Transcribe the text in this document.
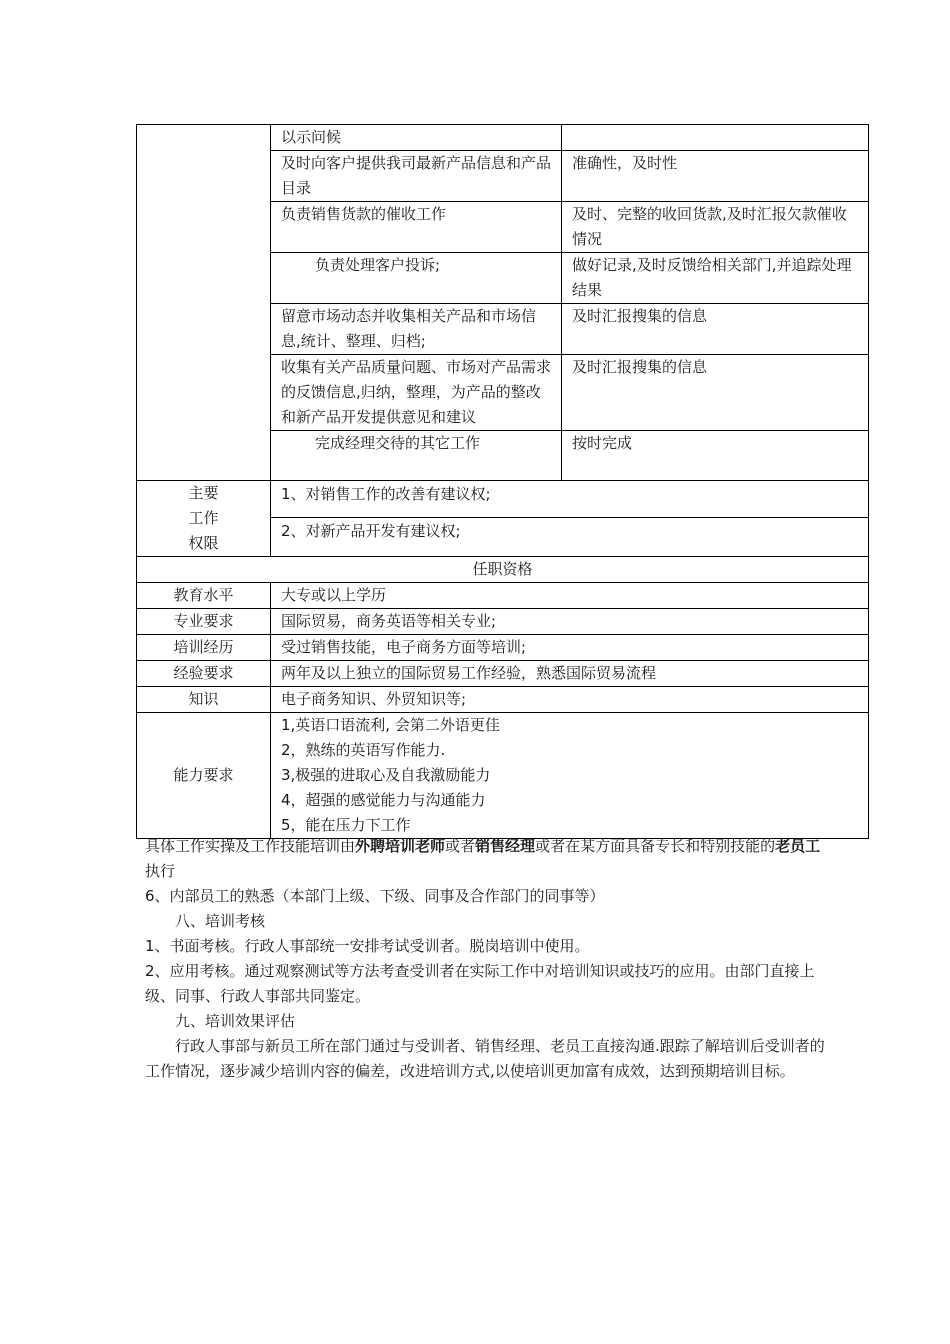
	以示问候	
	及时向客户提供我司最新产品信息和产品目录	准确性，及时性
	负责销售货款的催收工作	及时、完整的收回货款,及时汇报欠款催收情况
	负责处理客户投诉;	做好记录,及时反馈给相关部门,并追踪处理结果
	留意市场动态并收集相关产品和市场信息,统计、整理、归档;	及时汇报搜集的信息
	收集有关产品质量问题、市场对产品需求的反馈信息,归纳，整理，为产品的整改和新产品开发提供意见和建议	及时汇报搜集的信息
	完成经理交待的其它工作	按时完成
主要
工作
权限	1、对销售工作的改善有建议权;	
	2、对新产品开发有建议权;	
任职资格		
教育水平	大专或以上学历	
专业要求	国际贸易，商务英语等相关专业;	
培训经历	受过销售技能，电子商务方面等培训;	
经验要求	两年及以上独立的国际贸易工作经验，熟悉国际贸易流程	
知识	电子商务知识、外贸知识等;	
能力要求	1,英语口语流利, 会第二外语更佳
2，熟练的英语写作能力.
3,极强的进取心及自我激励能力
4，超强的感觉能力与沟通能力
5，能在压力下工作	

具体工作实操及工作技能培训由外聘培训老师或者销售经理或者在某方面具备专长和特别技能的老员工执行

6、内部员工的熟悉（本部门上级、下级、同事及合作部门的同事等）

八、培训考核

1、书面考核。行政人事部统一安排考试受训者。脱岗培训中使用。

2、应用考核。通过观察测试等方法考查受训者在实际工作中对培训知识或技巧的应用。由部门直接上级、同事、行政人事部共同鉴定。

九、培训效果评估

行政人事部与新员工所在部门通过与受训者、销售经理、老员工直接沟通.跟踪了解培训后受训者的工作情况，逐步减少培训内容的偏差，改进培训方式,以使培训更加富有成效，达到预期培训目标。
